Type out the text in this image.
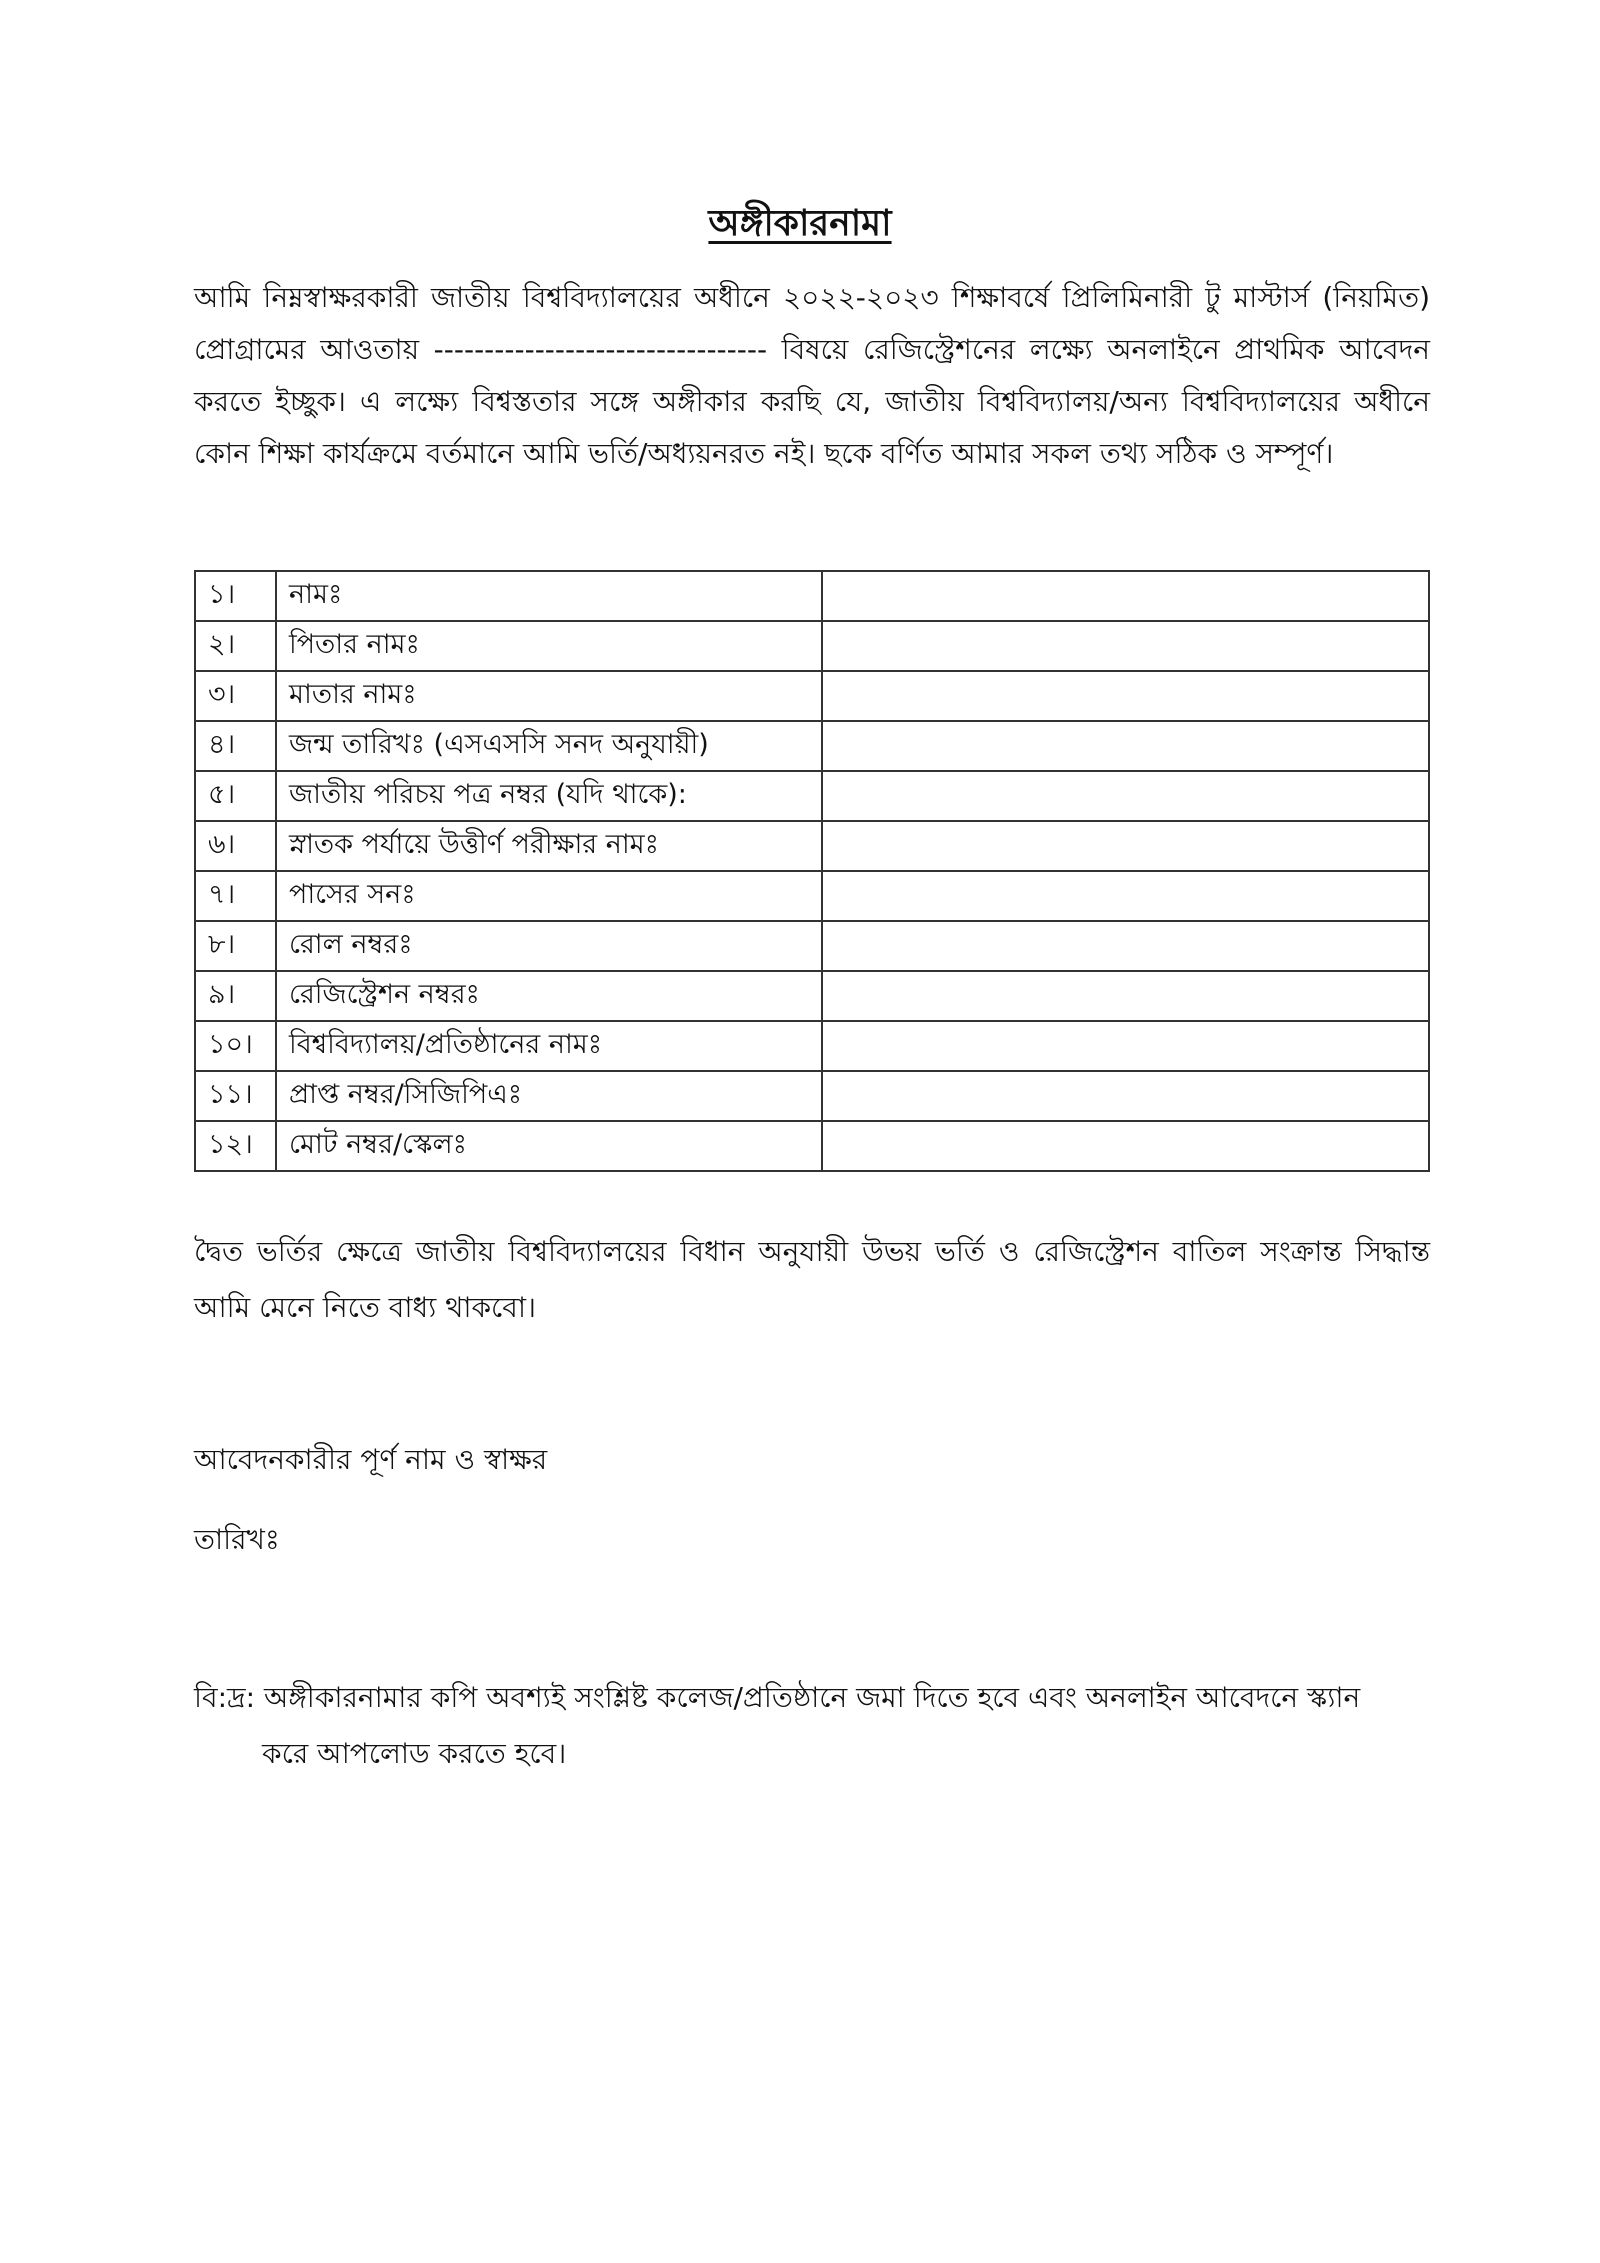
অঙ্গীকারনামা

আমি নিম্নস্বাক্ষরকারী জাতীয় বিশ্ববিদ্যালয়ের অধীনে ২০২২-২০২৩ শিক্ষাবর্ষে প্রিলিমিনারী টু মাস্টার্স (নিয়মিত) প্রোগ্রামের আওতায় --------------------------------- বিষয়ে রেজিস্ট্রেশনের লক্ষ্যে অনলাইনে প্রাথমিক আবেদন করতে ইচ্ছুক। এ লক্ষ্যে বিশ্বস্ততার সঙ্গে অঙ্গীকার করছি যে, জাতীয় বিশ্ববিদ্যালয়/অন্য বিশ্ববিদ্যালয়ের অধীনে কোন শিক্ষা কার্যক্রমে বর্তমানে আমি ভর্তি/অধ্যয়নরত নই। ছকে বর্ণিত আমার সকল তথ্য সঠিক ও সম্পূর্ণ।

১।	নামঃ	
২।	পিতার নামঃ	
৩।	মাতার নামঃ	
৪।	জন্ম তারিখঃ (এসএসসি সনদ অনুযায়ী)	
৫।	জাতীয় পরিচয় পত্র নম্বর (যদি থাকে):	
৬।	স্নাতক পর্যায়ে উত্তীর্ণ পরীক্ষার নামঃ	
৭।	পাসের সনঃ	
৮।	রোল নম্বরঃ	
৯।	রেজিস্ট্রেশন নম্বরঃ	
১০।	বিশ্ববিদ্যালয়/প্রতিষ্ঠানের নামঃ	
১১।	প্রাপ্ত নম্বর/সিজিপিএঃ	
১২।	মোট নম্বর/স্কেলঃ	

দ্বৈত ভর্তির ক্ষেত্রে জাতীয় বিশ্ববিদ্যালয়ের বিধান অনুযায়ী উভয় ভর্তি ও রেজিস্ট্রেশন বাতিল সংক্রান্ত সিদ্ধান্ত আমি মেনে নিতে বাধ্য থাকবো।

আবেদনকারীর পূর্ণ নাম ও স্বাক্ষর
তারিখঃ
বি:দ্র: অঙ্গীকারনামার কপি অবশ্যই সংশ্লিষ্ট কলেজ/প্রতিষ্ঠানে জমা দিতে হবে এবং অনলাইন আবেদনে স্ক্যান
করে আপলোড করতে হবে।
